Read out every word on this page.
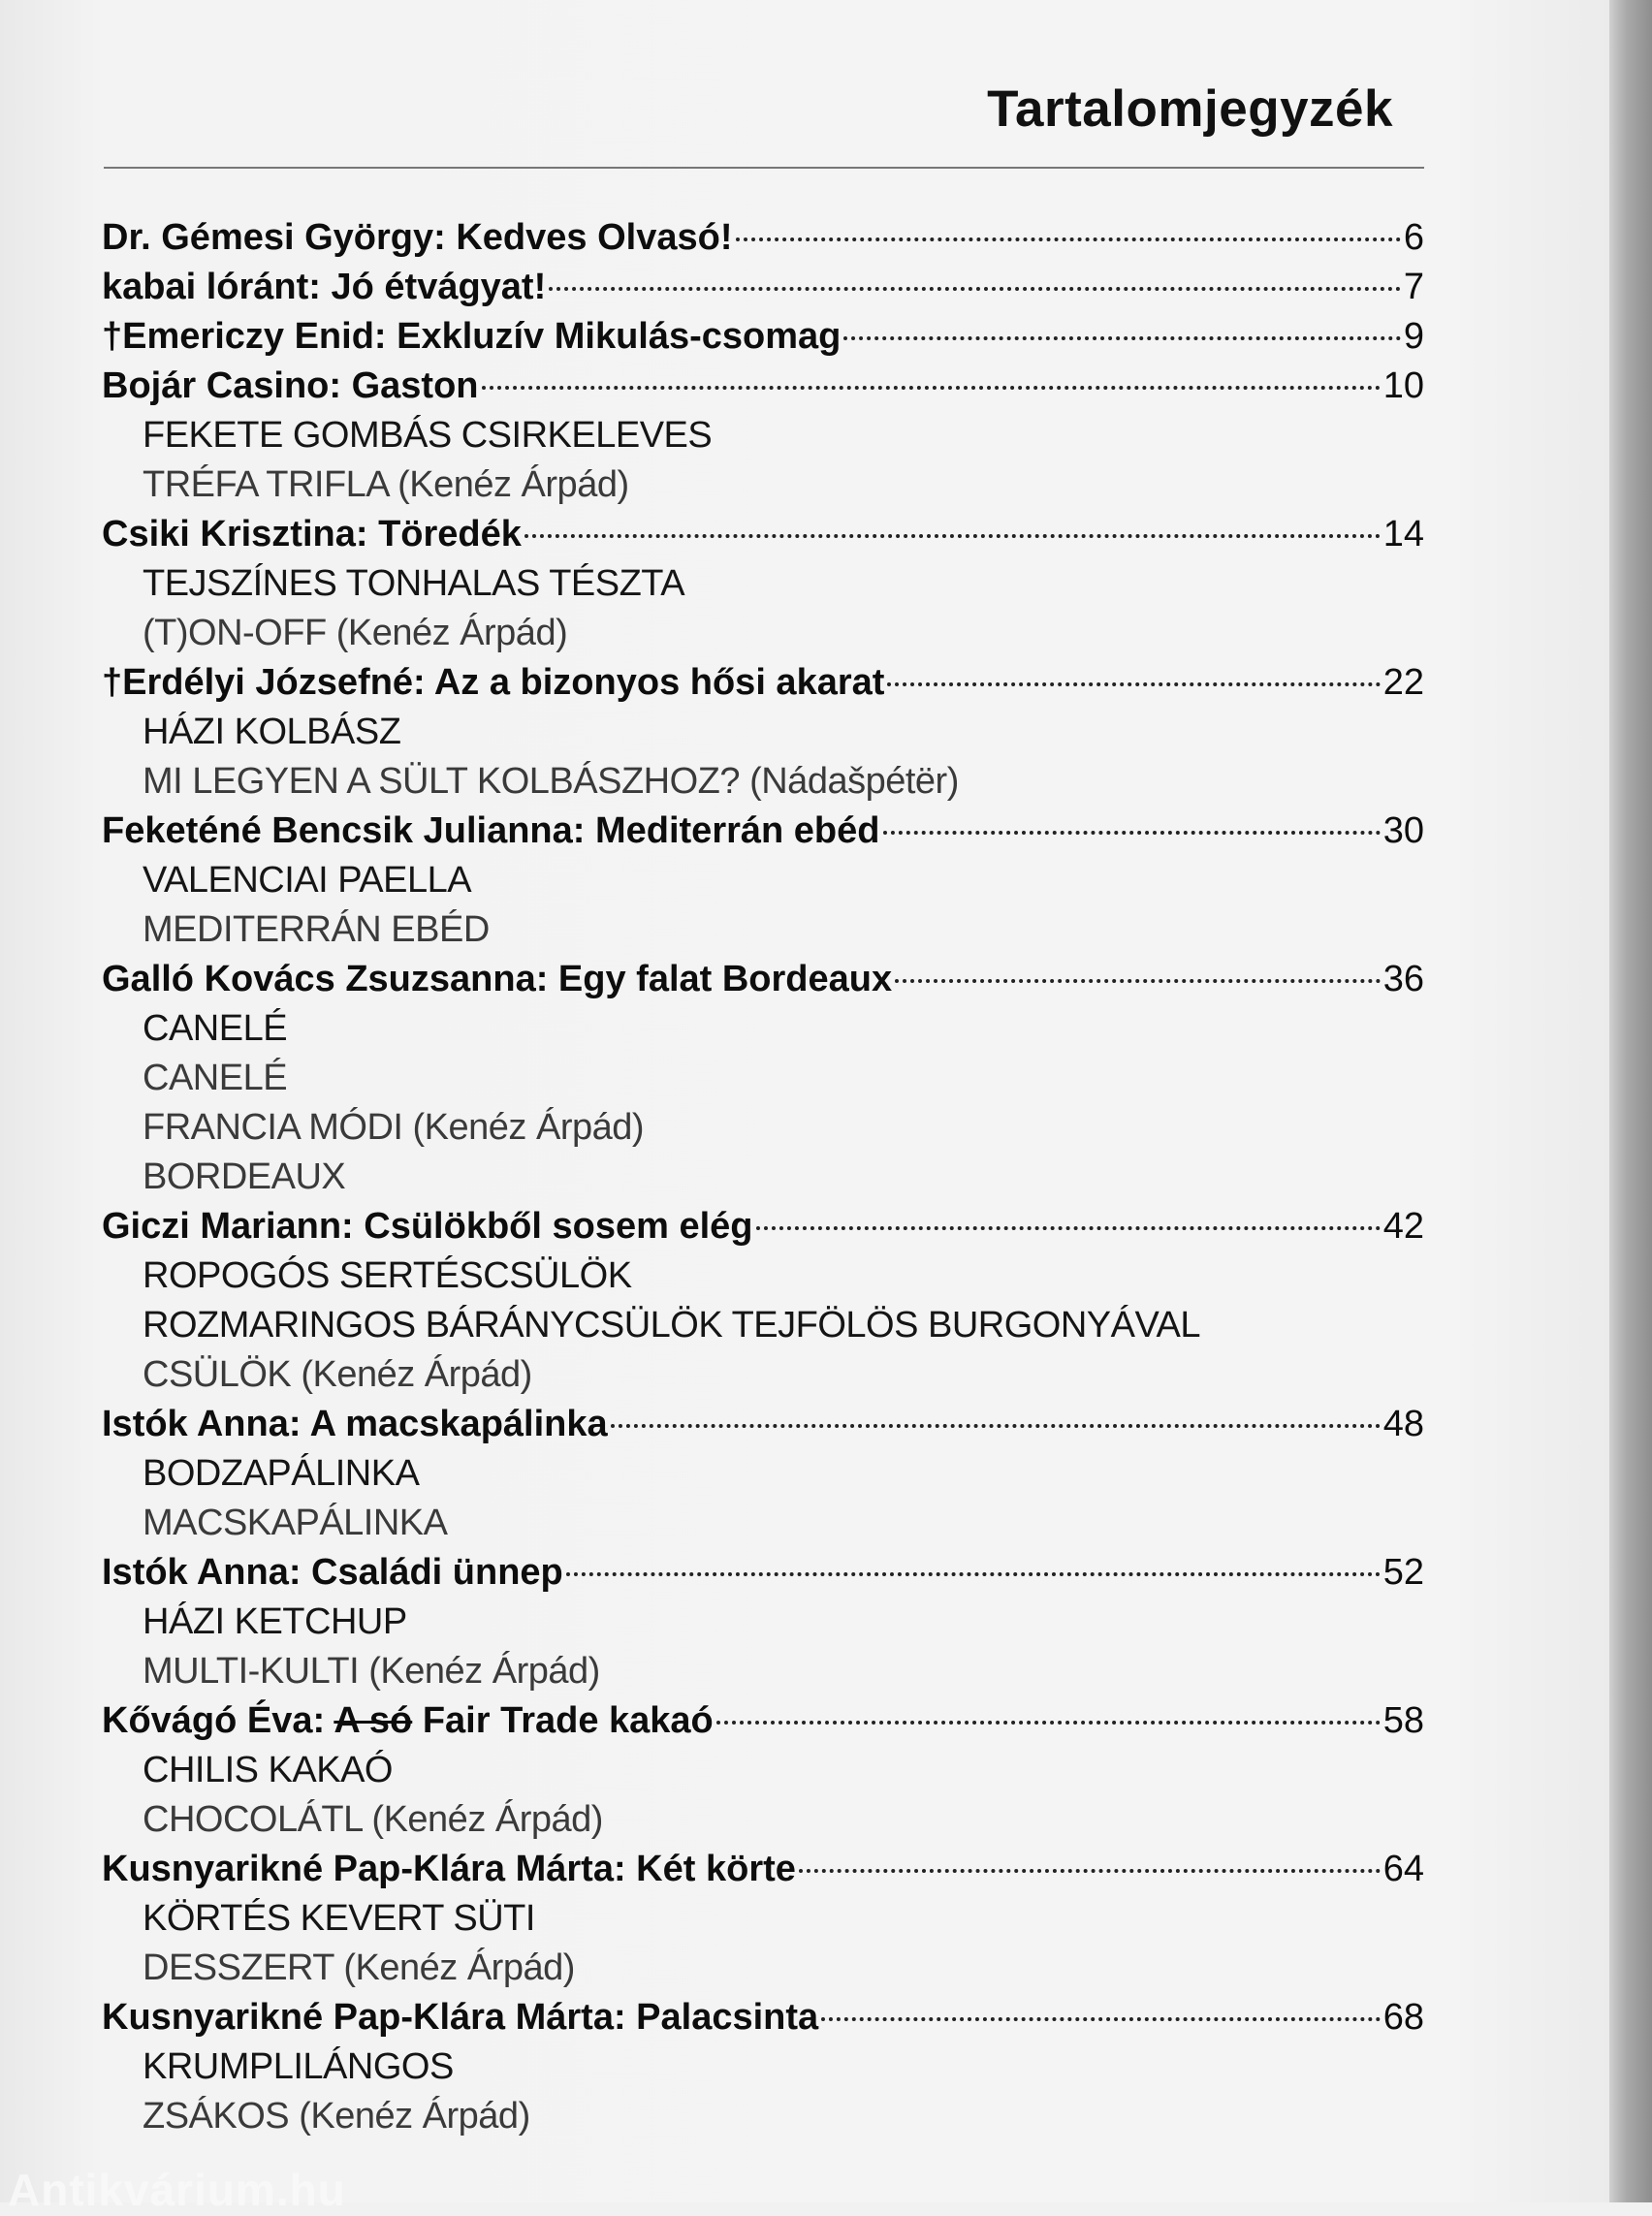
Tartalomjegyzék
Dr. Gémesi György: Kedves Olvasó!	6
kabai lóránt: Jó étvágyat!	7
†Emericzy Enid: Exkluzív Mikulás-csomag	9
Bojár Casino: Gaston	10
FEKETE GOMBÁS CSIRKELEVES
TRÉFA TRIFLA (Kenéz Árpád)
Csiki Krisztina: Töredék	14
TEJSZÍNES TONHALAS TÉSZTA
(T)ON-OFF (Kenéz Árpád)
†Erdélyi Józsefné: Az a bizonyos hősi akarat	22
HÁZI KOLBÁSZ
MI LEGYEN A SÜLT KOLBÁSZHOZ? (Nádašpétër)
Feketéné Bencsik Julianna: Mediterrán ebéd	30
VALENCIAI PAELLA
MEDITERRÁN EBÉD
Galló Kovács Zsuzsanna: Egy falat Bordeaux	36
CANELÉ
CANELÉ
FRANCIA MÓDI (Kenéz Árpád)
BORDEAUX
Giczi Mariann: Csülökből sosem elég	42
ROPOGÓS SERTÉSCSÜLÖK
ROZMARINGOS BÁRÁNYCSÜLÖK TEJFÖLÖS BURGONYÁVAL
CSÜLÖK (Kenéz Árpád)
Istók Anna: A macskapálinka	48
BODZAPÁLINKA
MACSKAPÁLINKA
Istók Anna: Családi ünnep	52
HÁZI KETCHUP
MULTI-KULTI (Kenéz Árpád)
Kővágó Éva: A só Fair Trade kakaó	58
CHILIS KAKAÓ
CHOCOLÁTL (Kenéz Árpád)
Kusnyarikné Pap-Klára Márta: Két körte	64
KÖRTÉS KEVERT SÜTI
DESSZERT (Kenéz Árpád)
Kusnyarikné Pap-Klára Márta: Palacsinta	68
KRUMPLILÁNGOS
ZSÁKOS (Kenéz Árpád)
Antikvárium.hu
